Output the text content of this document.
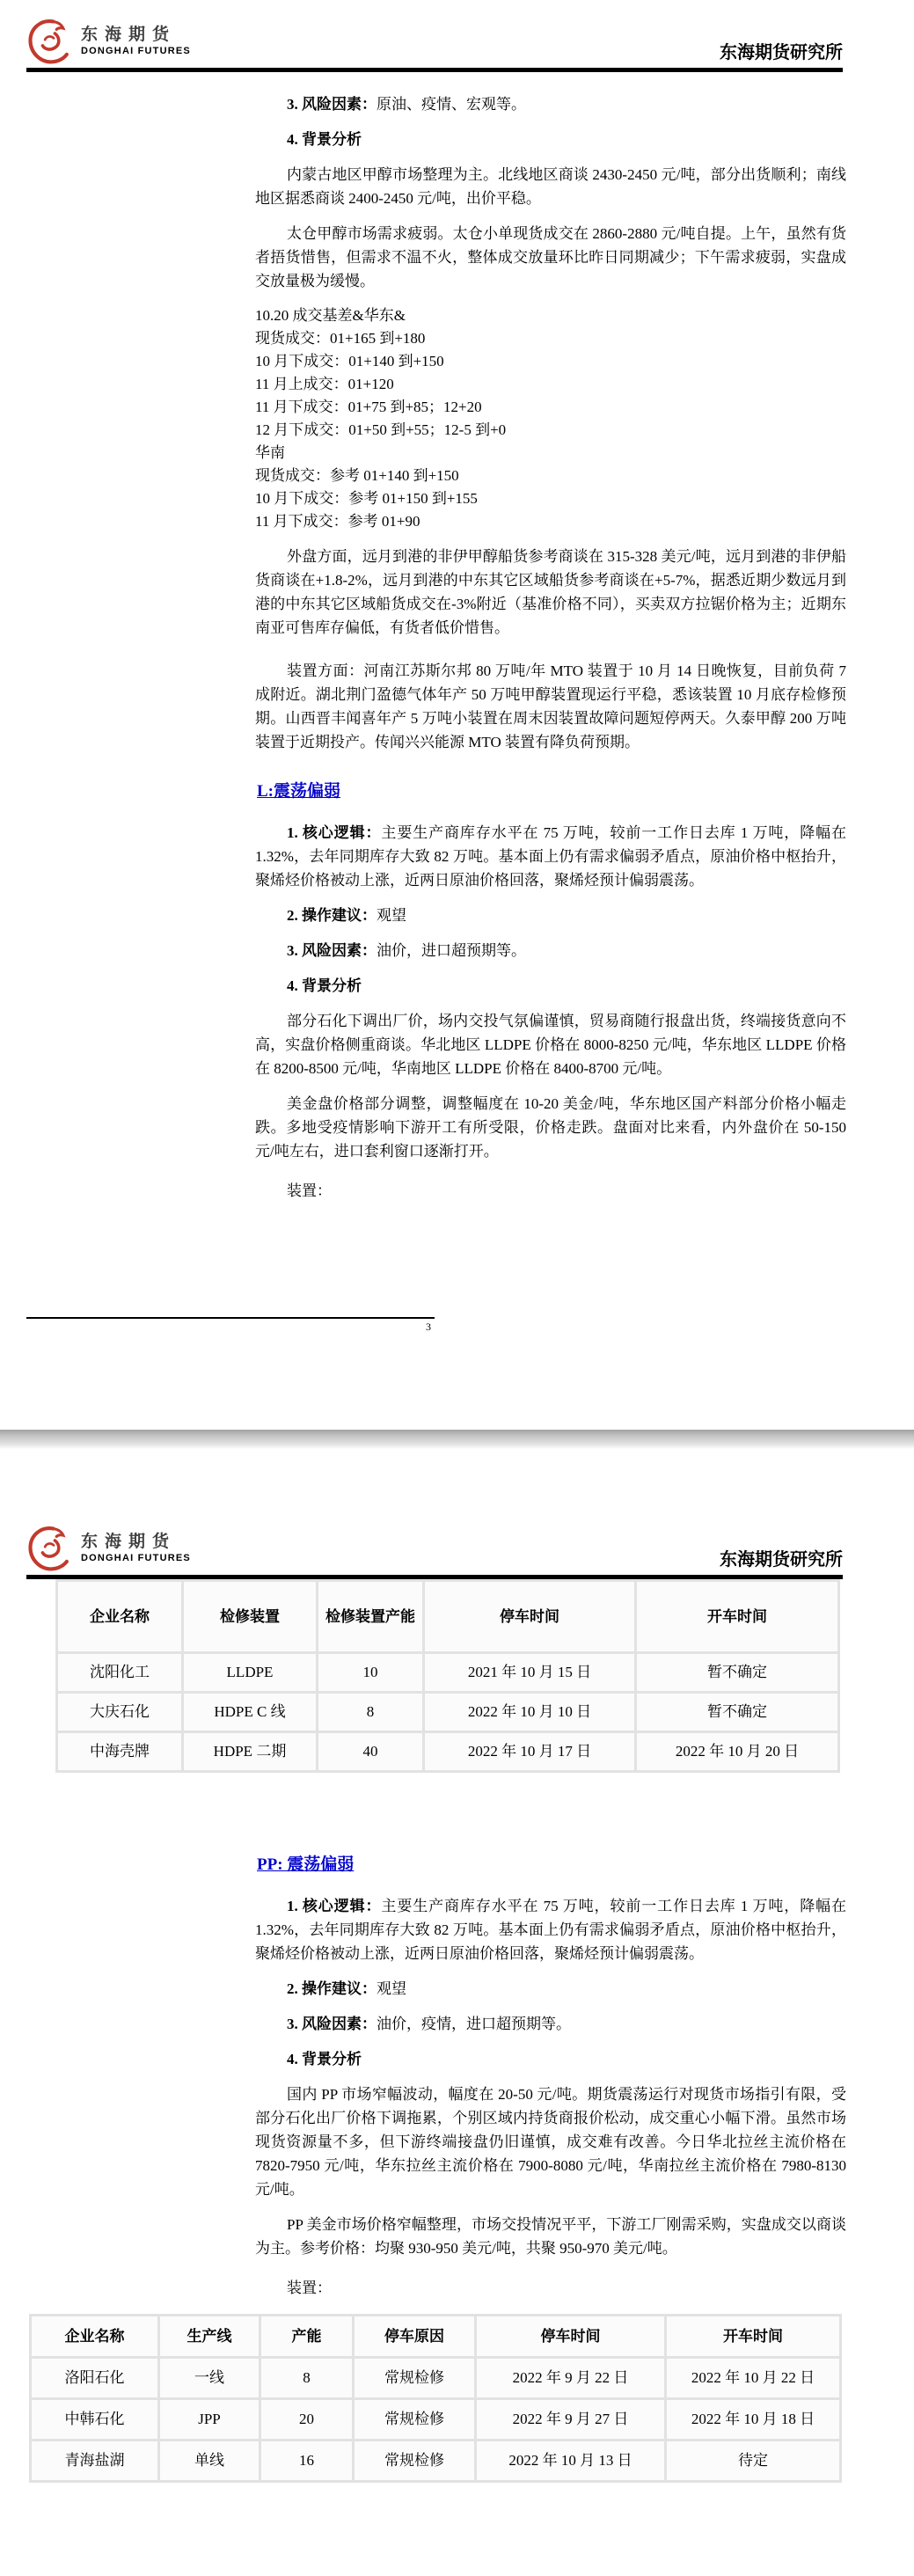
东海期货
DONGHAI FUTURES	东海期货研究所

3. 风险因素：原油、疫情、宏观等。

4. 背景分析

内蒙古地区甲醇市场整理为主。北线地区商谈 2430-2450 元/吨，部分出货顺利；南线地区据悉商谈 2400-2450 元/吨，出价平稳。

太仓甲醇市场需求疲弱。太仓小单现货成交在 2860-2880 元/吨自提。上午，虽然有货者捂货惜售，但需求不温不火，整体成交放量环比昨日同期减少；下午需求疲弱，实盘成交放量极为缓慢。

10.20 成交基差&华东&
现货成交：01+165 到+180
10 月下成交：01+140 到+150
11 月上成交：01+120
11 月下成交：01+75 到+85；12+20
12 月下成交：01+50 到+55；12-5 到+0
华南
现货成交：参考 01+140 到+150
10 月下成交：参考 01+150 到+155
11 月下成交：参考 01+90

外盘方面，远月到港的非伊甲醇船货参考商谈在 315-328 美元/吨，远月到港的非伊船货商谈在+1.8-2%，远月到港的中东其它区域船货参考商谈在+5-7%，据悉近期少数远月到港的中东其它区域船货成交在-3%附近（基准价格不同），买卖双方拉锯价格为主；近期东南亚可售库存偏低，有货者低价惜售。

装置方面：河南江苏斯尔邦 80 万吨/年 MTO 装置于 10 月 14 日晚恢复，目前负荷 7 成附近。湖北荆门盈德气体年产 50 万吨甲醇装置现运行平稳，悉该装置 10 月底存检修预期。山西晋丰闻喜年产 5 万吨小装置在周末因装置故障问题短停两天。久泰甲醇 200 万吨装置于近期投产。传闻兴兴能源 MTO 装置有降负荷预期。

L:震荡偏弱

1. 核心逻辑：主要生产商库存水平在 75 万吨，较前一工作日去库 1 万吨，降幅在 1.32%，去年同期库存大致 82 万吨。基本面上仍有需求偏弱矛盾点，原油价格中枢抬升，聚烯烃价格被动上涨，近两日原油价格回落，聚烯烃预计偏弱震荡。

2. 操作建议：观望

3. 风险因素：油价，进口超预期等。

4. 背景分析

部分石化下调出厂价，场内交投气氛偏谨慎，贸易商随行报盘出货，终端接货意向不高，实盘价格侧重商谈。华北地区 LLDPE 价格在 8000-8250 元/吨，华东地区 LLDPE 价格在 8200-8500 元/吨，华南地区 LLDPE 价格在 8400-8700 元/吨。

美金盘价格部分调整，调整幅度在 10-20 美金/吨，华东地区国产料部分价格小幅走跌。多地受疫情影响下游开工有所受限，价格走跌。盘面对比来看，内外盘价在 50-150 元/吨左右，进口套利窗口逐渐打开。

装置：

3
东海期货
DONGHAI FUTURES	东海期货研究所
企业名称	检修装置	检修装置产能	停车时间	开车时间
沈阳化工	LLDPE	10	2021 年 10 月 15 日	暂不确定
大庆石化	HDPE C 线	8	2022 年 10 月 10 日	暂不确定
中海壳牌	HDPE 二期	40	2022 年 10 月 17 日	2022 年 10 月 20 日
PP: 震荡偏弱

1. 核心逻辑：主要生产商库存水平在 75 万吨，较前一工作日去库 1 万吨，降幅在 1.32%，去年同期库存大致 82 万吨。基本面上仍有需求偏弱矛盾点，原油价格中枢抬升，聚烯烃价格被动上涨，近两日原油价格回落，聚烯烃预计偏弱震荡。

2. 操作建议：观望

3. 风险因素：油价，疫情，进口超预期等。

4. 背景分析

国内 PP 市场窄幅波动，幅度在 20-50 元/吨。期货震荡运行对现货市场指引有限，受部分石化出厂价格下调拖累，个别区域内持货商报价松动，成交重心小幅下滑。虽然市场现货资源量不多，但下游终端接盘仍旧谨慎，成交难有改善。今日华北拉丝主流价格在 7820-7950 元/吨，华东拉丝主流价格在 7900-8080 元/吨，华南拉丝主流价格在 7980-8130 元/吨。

PP 美金市场价格窄幅整理，市场交投情况平平，下游工厂刚需采购，实盘成交以商谈为主。参考价格：均聚 930-950 美元/吨，共聚 950-970 美元/吨。

装置：

企业名称	生产线	产能	停车原因	停车时间	开车时间
洛阳石化	一线	8	常规检修	2022 年 9 月 22 日	2022 年 10 月 22 日
中韩石化	JPP	20	常规检修	2022 年 9 月 27 日	2022 年 10 月 18 日
青海盐湖	单线	16	常规检修	2022 年 10 月 13 日	待定
